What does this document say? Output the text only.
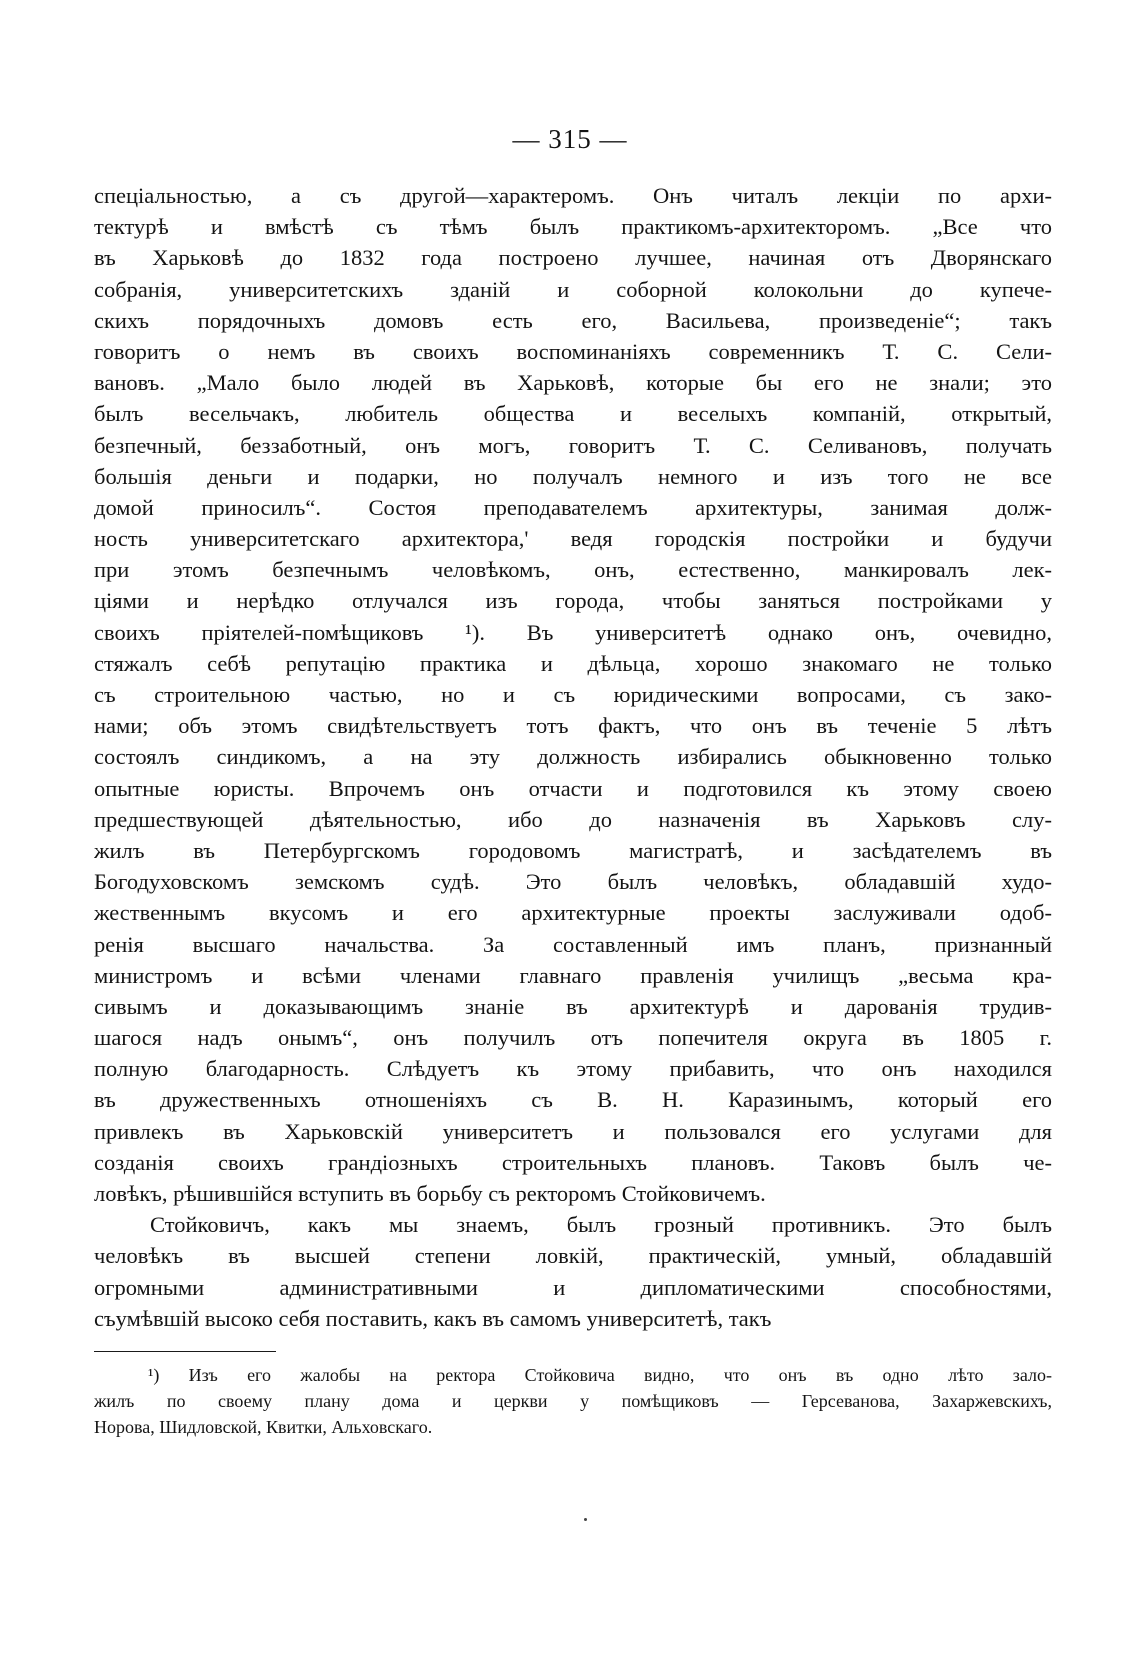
— 315 —
спеціальностью, а съ другой—характеромъ. Онъ читалъ лекціи по архи-
тектурѣ и вмѣстѣ съ тѣмъ былъ практикомъ-архитекторомъ. „Все что
въ Харьковѣ до 1832 года построено лучшее, начиная отъ Дворянскаго
собранія, университетскихъ зданій и соборной колокольни до купече-
скихъ порядочныхъ домовъ есть его, Васильева, произведеніе“; такъ
говоритъ о немъ въ своихъ воспоминаніяхъ современникъ Т. С. Сели-
вановъ. „Мало было людей въ Харьковѣ, которые бы его не знали; это
былъ весельчакъ, любитель общества и веселыхъ компаній, открытый,
безпечный, беззаботный, онъ могъ, говоритъ Т. С. Селивановъ, получать
большія деньги и подарки, но получалъ немного и изъ того не все
домой приносилъ“. Состоя преподавателемъ архитектуры, занимая долж-
ность университетскаго архитектора,' ведя городскія постройки и будучи
при этомъ безпечнымъ человѣкомъ, онъ, естественно, манкировалъ лек-
ціями и нерѣдко отлучался изъ города, чтобы заняться постройками у
своихъ пріятелей-помѣщиковъ ¹). Въ университетѣ однако онъ, очевидно,
стяжалъ себѣ репутацію практика и дѣльца, хорошо знакомаго не только
съ строительною частью, но и съ юридическими вопросами, съ зако-
нами; объ этомъ свидѣтельствуетъ тотъ фактъ, что онъ въ теченіе 5 лѣтъ
состоялъ синдикомъ, а на эту должность избирались обыкновенно только
опытные юристы. Впрочемъ онъ отчасти и подготовился къ этому своею
предшествующей дѣятельностью, ибо до назначенія въ Харьковъ слу-
жилъ въ Петербургскомъ городовомъ магистратѣ, и засѣдателемъ въ
Богодуховскомъ земскомъ судѣ. Это былъ человѣкъ, обладавшій худо-
жественнымъ вкусомъ и его архитектурные проекты заслуживали одоб-
ренія высшаго начальства. За составленный имъ планъ, признанный
министромъ и всѣми членами главнаго правленія училищъ „весьма кра-
сивымъ и доказывающимъ знаніе въ архитектурѣ и дарованія трудив-
шагося надъ онымъ“, онъ получилъ отъ попечителя округа въ 1805 г.
полную благодарность. Слѣдуетъ къ этому прибавить, что онъ находился
въ дружественныхъ отношеніяхъ съ В. Н. Каразинымъ, который его
привлекъ въ Харьковскій университетъ и пользовался его услугами для
созданія своихъ грандіозныхъ строительныхъ плановъ. Таковъ былъ че-
ловѣкъ, рѣшившійся вступить въ борьбу съ ректоромъ Стойковичемъ.
Стойковичъ, какъ мы знаемъ, былъ грозный противникъ. Это былъ
человѣкъ въ высшей степени ловкій, практическій, умный, обладавшій
огромными административными и дипломатическими способностями,
съумѣвшій высоко себя поставить, какъ въ самомъ университетѣ, такъ
¹) Изъ его жалобы на ректора Стойковича видно, что онъ въ одно лѣто зало-
жилъ по своему плану дома и церкви у помѣщиковъ — Герсеванова, Захаржевскихъ,
Норова, Шидловской, Квитки, Альховскаго.
